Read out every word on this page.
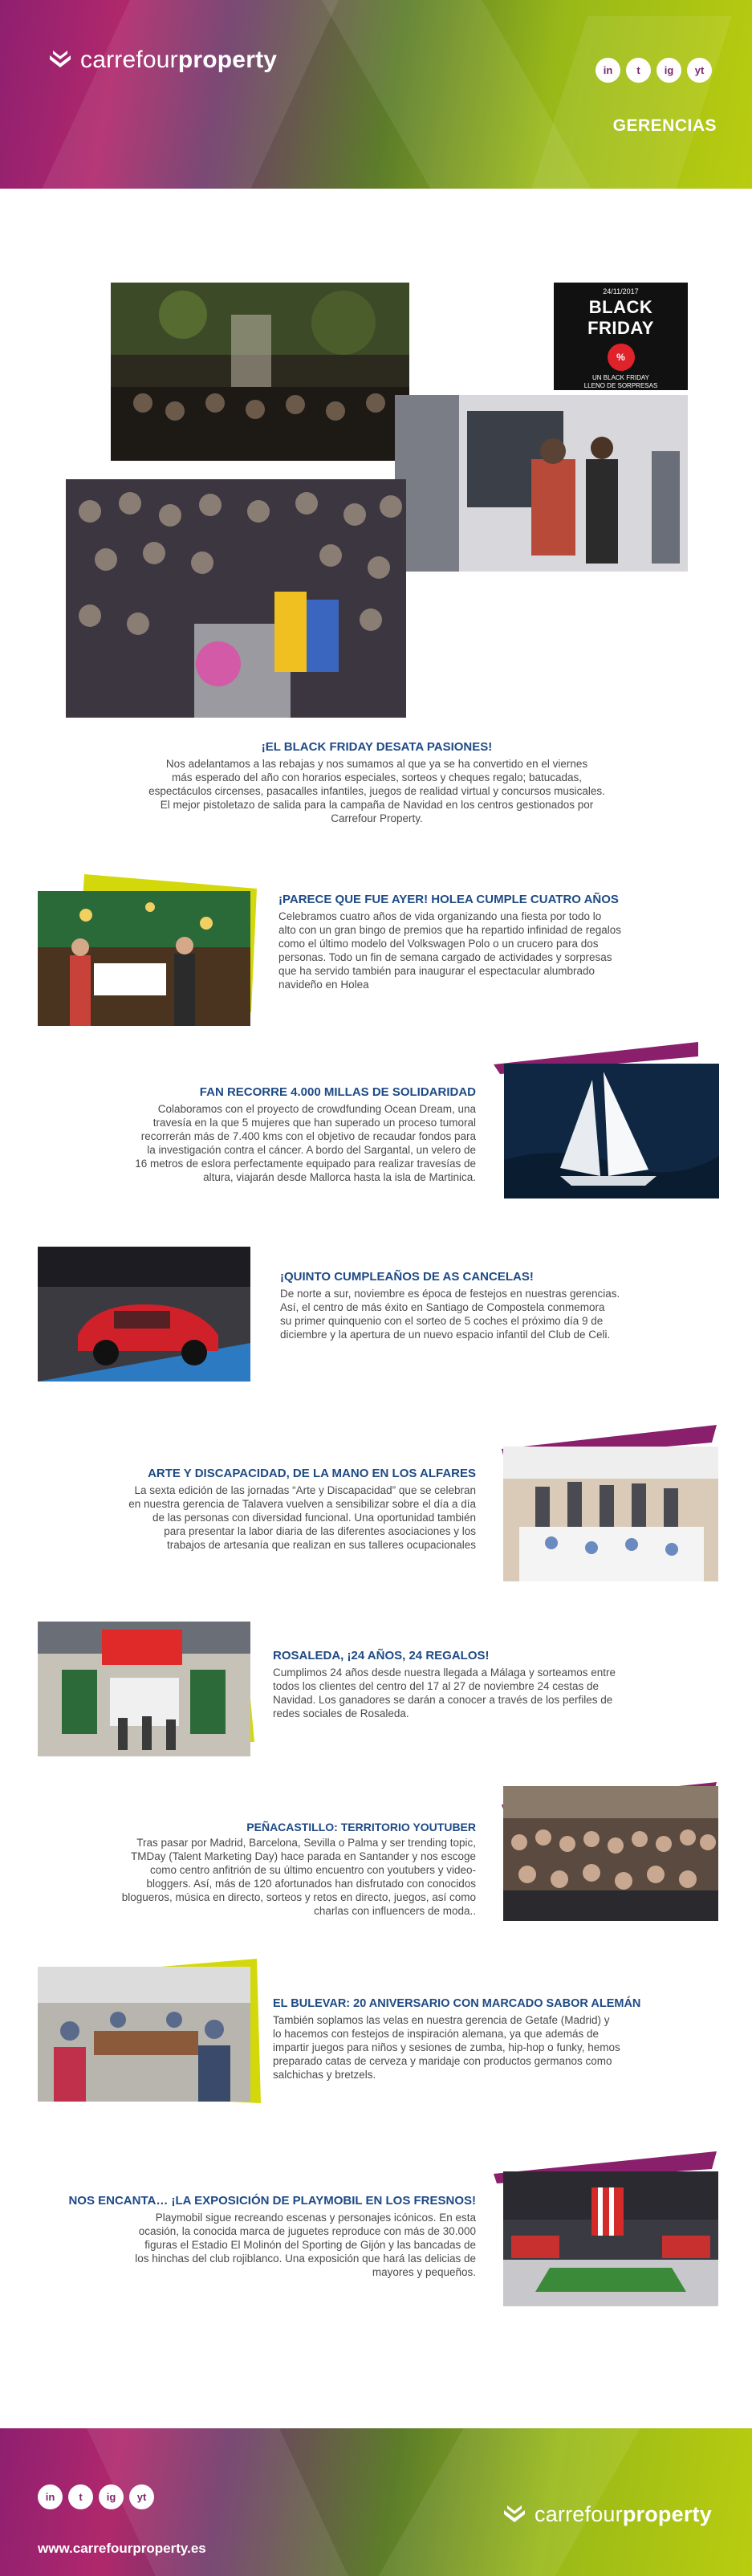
carrefour property	in	t	ig	yt
GERENCIAS
24/11/2017
BLACK FRIDAY
%
UN BLACK FRIDAY
LLENO DE SORPRESAS
¡EL BLACK FRIDAY DESATA PASIONES!
Nos adelantamos a las rebajas y nos sumamos al que ya se ha convertido en el viernes
más esperado del año con horarios especiales, sorteos y cheques regalo; batucadas,
espectáculos circenses, pasacalles infantiles, juegos de realidad virtual y concursos musicales.
El mejor pistoletazo de salida para la campaña de Navidad en los centros gestionados por
Carrefour Property.
¡PARECE QUE FUE AYER! HOLEA CUMPLE CUATRO AÑOS
Celebramos cuatro años de vida organizando una fiesta por todo lo
alto con un gran bingo de premios que ha repartido infinidad de regalos
como el último modelo del Volkswagen Polo o un crucero para dos
personas. Todo un fin de semana cargado de actividades y sorpresas
que ha servido también para inaugurar el espectacular alumbrado
navideño en Holea
FAN RECORRE 4.000 MILLAS DE SOLIDARIDAD
Colaboramos con el proyecto de crowdfunding Ocean Dream, una
travesía en la que 5 mujeres que han superado un proceso tumoral
recorrerán más de 7.400 kms con el objetivo de recaudar fondos para
la investigación contra el cáncer. A bordo del Sargantal, un velero de
16 metros de eslora perfectamente equipado para realizar travesías de
altura, viajarán desde Mallorca hasta la isla de Martinica.
¡QUINTO CUMPLEAÑOS DE AS CANCELAS!
De norte a sur, noviembre es época de festejos en nuestras gerencias.
Así, el centro de más éxito en Santiago de Compostela conmemora
su primer quinquenio con el sorteo de 5 coches el próximo día 9 de
diciembre y la apertura de un nuevo espacio infantil del Club de Celi.
ARTE Y DISCAPACIDAD, DE LA MANO EN LOS ALFARES
La sexta edición de las jornadas “Arte y Discapacidad” que se celebran
en nuestra gerencia de Talavera vuelven a sensibilizar sobre el día a día
de las personas con diversidad funcional. Una oportunidad también
para presentar la labor diaria de las diferentes asociaciones y los
trabajos de artesanía que realizan en sus talleres ocupacionales
ROSALEDA, ¡24 AÑOS, 24 REGALOS!
Cumplimos 24 años desde nuestra llegada a Málaga y sorteamos entre
todos los clientes del centro del 17 al 27 de noviembre 24 cestas de
Navidad. Los ganadores se darán a conocer a través de los perfiles de
redes sociales de Rosaleda.
PEÑACASTILLO: TERRITORIO YOUTUBER
Tras pasar por Madrid, Barcelona, Sevilla o Palma y ser trending topic,
TMDay (Talent Marketing Day) hace parada en Santander y nos escoge
como centro anfitrión de su último encuentro con youtubers y video-
bloggers. Así, más de 120 afortunados han disfrutado con conocidos
blogueros, música en directo, sorteos y retos en directo, juegos, así como
charlas con influencers de moda..
EL BULEVAR: 20 ANIVERSARIO CON MARCADO SABOR ALEMÁN
También soplamos las velas en nuestra gerencia de Getafe (Madrid) y
lo hacemos con festejos de inspiración alemana, ya que además de
impartir juegos para niños y sesiones de zumba, hip-hop o funky, hemos
preparado catas de cerveza y maridaje con productos germanos como
salchichas y bretzels.
NOS ENCANTA… ¡LA EXPOSICIÓN DE PLAYMOBIL EN LOS FRESNOS!
Playmobil sigue recreando escenas y personajes icónicos. En esta
ocasión, la conocida marca de juguetes reproduce con más de 30.000
figuras el Estadio El Molinón del Sporting de Gijón y las bancadas de
los hinchas del club rojiblanco. Una exposición que hará las delicias de
mayores y pequeños.
in	t	ig	yt
www.carrefourproperty.es
carrefour property
